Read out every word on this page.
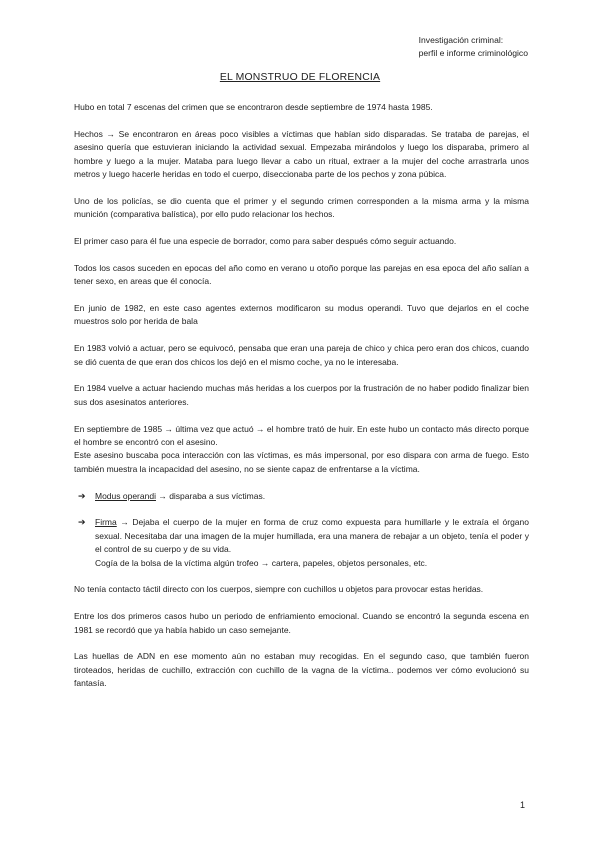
Investigación criminal:
perfil e informe criminológico
EL MONSTRUO DE FLORENCIA

Hubo en total 7 escenas del crimen que se encontraron desde septiembre de 1974 hasta 1985.

Hechos → Se encontraron en áreas poco visibles a víctimas que habían sido disparadas. Se trataba de parejas, el asesino quería que estuvieran iniciando la actividad sexual. Empezaba mirándolos y luego los disparaba, primero al hombre y luego a la mujer. Mataba para luego llevar a cabo un ritual, extraer a la mujer del coche arrastrarla unos metros y luego hacerle heridas en todo el cuerpo, diseccionaba parte de los pechos y zona púbica.

Uno de los policías, se dio cuenta que el primer y el segundo crimen corresponden a la misma arma y la misma munición (comparativa balística), por ello pudo relacionar los hechos.

El primer caso para él fue una especie de borrador, como para saber después cómo seguir actuando.

Todos los casos suceden en epocas del año como en verano u otoño porque las parejas en esa epoca del año salían a tener sexo, en areas que él conocía.

En junio de 1982, en este caso agentes externos modificaron su modus operandi. Tuvo que dejarlos en el coche muestros solo por herida de bala

En 1983 volvió a actuar, pero se equivocó, pensaba que eran una pareja de chico y chica pero eran dos chicos, cuando se dió cuenta de que eran dos chicos los dejó en el mismo coche, ya no le interesaba.

En 1984 vuelve a actuar haciendo muchas más heridas a los cuerpos por la frustración de no haber podido finalizar bien sus dos asesinatos anteriores.

En septiembre de 1985 → última vez que actuó → el hombre trató de huir. En este hubo un contacto más directo porque el hombre se encontró con el asesino.

Este asesino buscaba poca interacción con las víctimas, es más impersonal, por eso dispara con arma de fuego. Esto también muestra la incapacidad del asesino, no se siente capaz de enfrentarse a la víctima.

➔ Modus operandi → disparaba a sus víctimas.
➔ Firma → Dejaba el cuerpo de la mujer en forma de cruz como expuesta para humillarle y le extraía el órgano sexual. Necesitaba dar una imagen de la mujer humillada, era una manera de rebajar a un objeto, tenía el poder y el control de su cuerpo y de su vida.
Cogía de la bolsa de la víctima algún trofeo → cartera, papeles, objetos personales, etc.

No tenía contacto táctil directo con los cuerpos, siempre con cuchillos u objetos para provocar estas heridas.

Entre los dos primeros casos hubo un periodo de enfriamiento emocional. Cuando se encontró la segunda escena en 1981 se recordó que ya había habido un caso semejante.

Las huellas de ADN en ese momento aún no estaban muy recogidas. En el segundo caso, que también fueron tiroteados, heridas de cuchillo, extracción con cuchillo de la vagna de la víctima.. podemos ver cómo evolucionó su fantasía.

1
